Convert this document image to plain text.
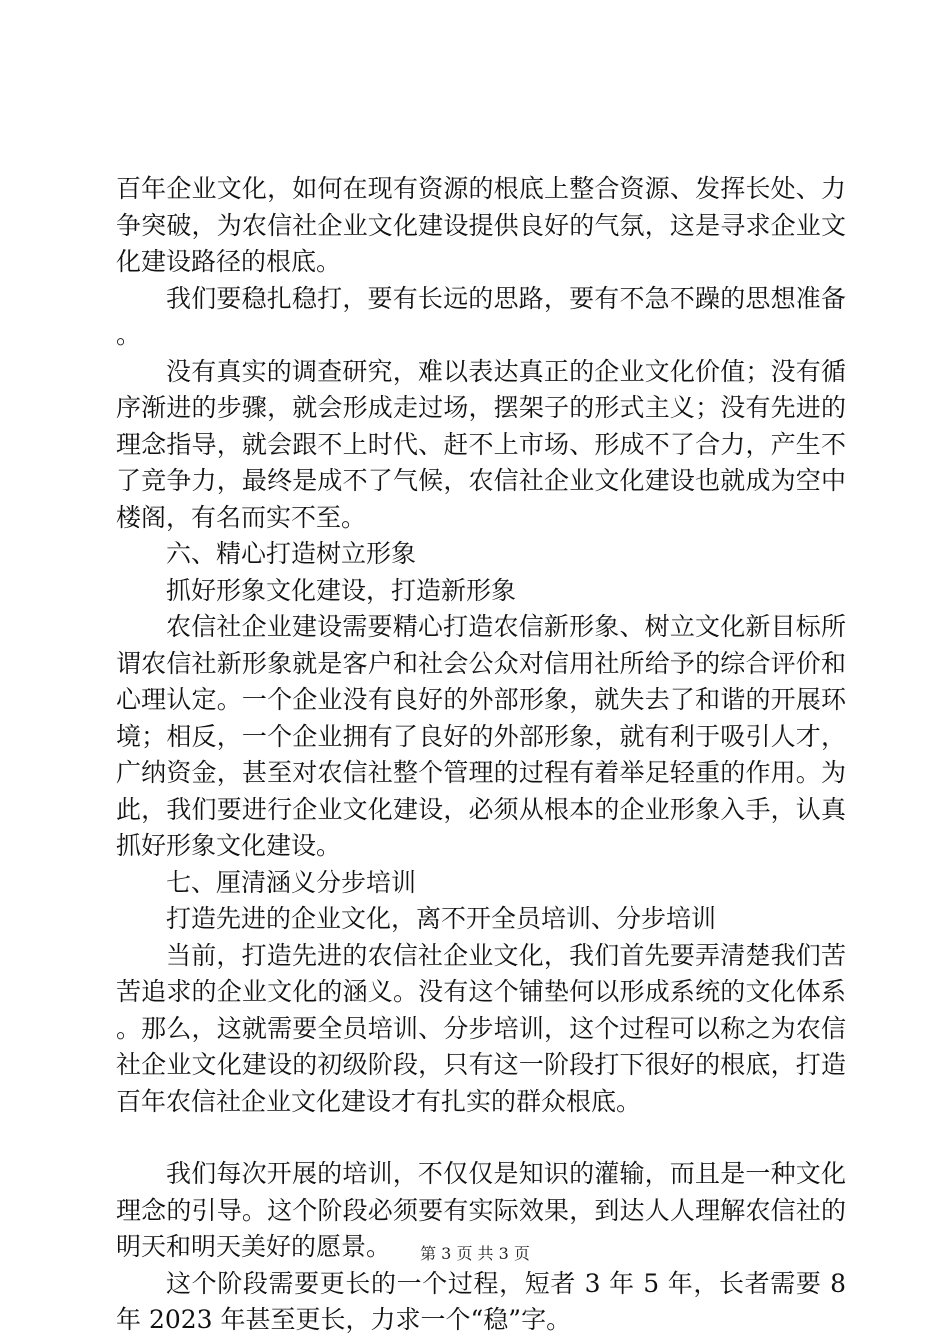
百年企业文化，如何在现有资源的根底上整合资源、发挥长处、力争突破，为农信社企业文化建设提供良好的气氛，这是寻求企业文化建设路径的根底。

我们要稳扎稳打，要有长远的思路，要有不急不躁的思想准备。

没有真实的调查研究，难以表达真正的企业文化价值；没有循序渐进的步骤，就会形成走过场，摆架子的形式主义；没有先进的理念指导，就会跟不上时代、赶不上市场、形成不了合力，产生不了竞争力，最终是成不了气候，农信社企业文化建设也就成为空中楼阁，有名而实不至。

六、精心打造树立形象

抓好形象文化建设，打造新形象

农信社企业建设需要精心打造农信新形象、树立文化新目标所谓农信社新形象就是客户和社会公众对信用社所给予的综合评价和心理认定。一个企业没有良好的外部形象，就失去了和谐的开展环境；相反，一个企业拥有了良好的外部形象，就有利于吸引人才，广纳资金，甚至对农信社整个管理的过程有着举足轻重的作用。为此，我们要进行企业文化建设，必须从根本的企业形象入手，认真抓好形象文化建设。

七、厘清涵义分步培训

打造先进的企业文化，离不开全员培训、分步培训

当前，打造先进的农信社企业文化，我们首先要弄清楚我们苦苦追求的企业文化的涵义。没有这个铺垫何以形成系统的文化体系。那么，这就需要全员培训、分步培训，这个过程可以称之为农信社企业文化建设的初级阶段，只有这一阶段打下很好的根底，打造百年农信社企业文化建设才有扎实的群众根底。

我们每次开展的培训，不仅仅是知识的灌输，而且是一种文化理念的引导。这个阶段必须要有实际效果，到达人人理解农信社的明天和明天美好的愿景。

这个阶段需要更长的一个过程，短者 3 年 5 年，长者需要 8 年 2023 年甚至更长，力求一个“稳”字。

第 3 页 共 3 页
